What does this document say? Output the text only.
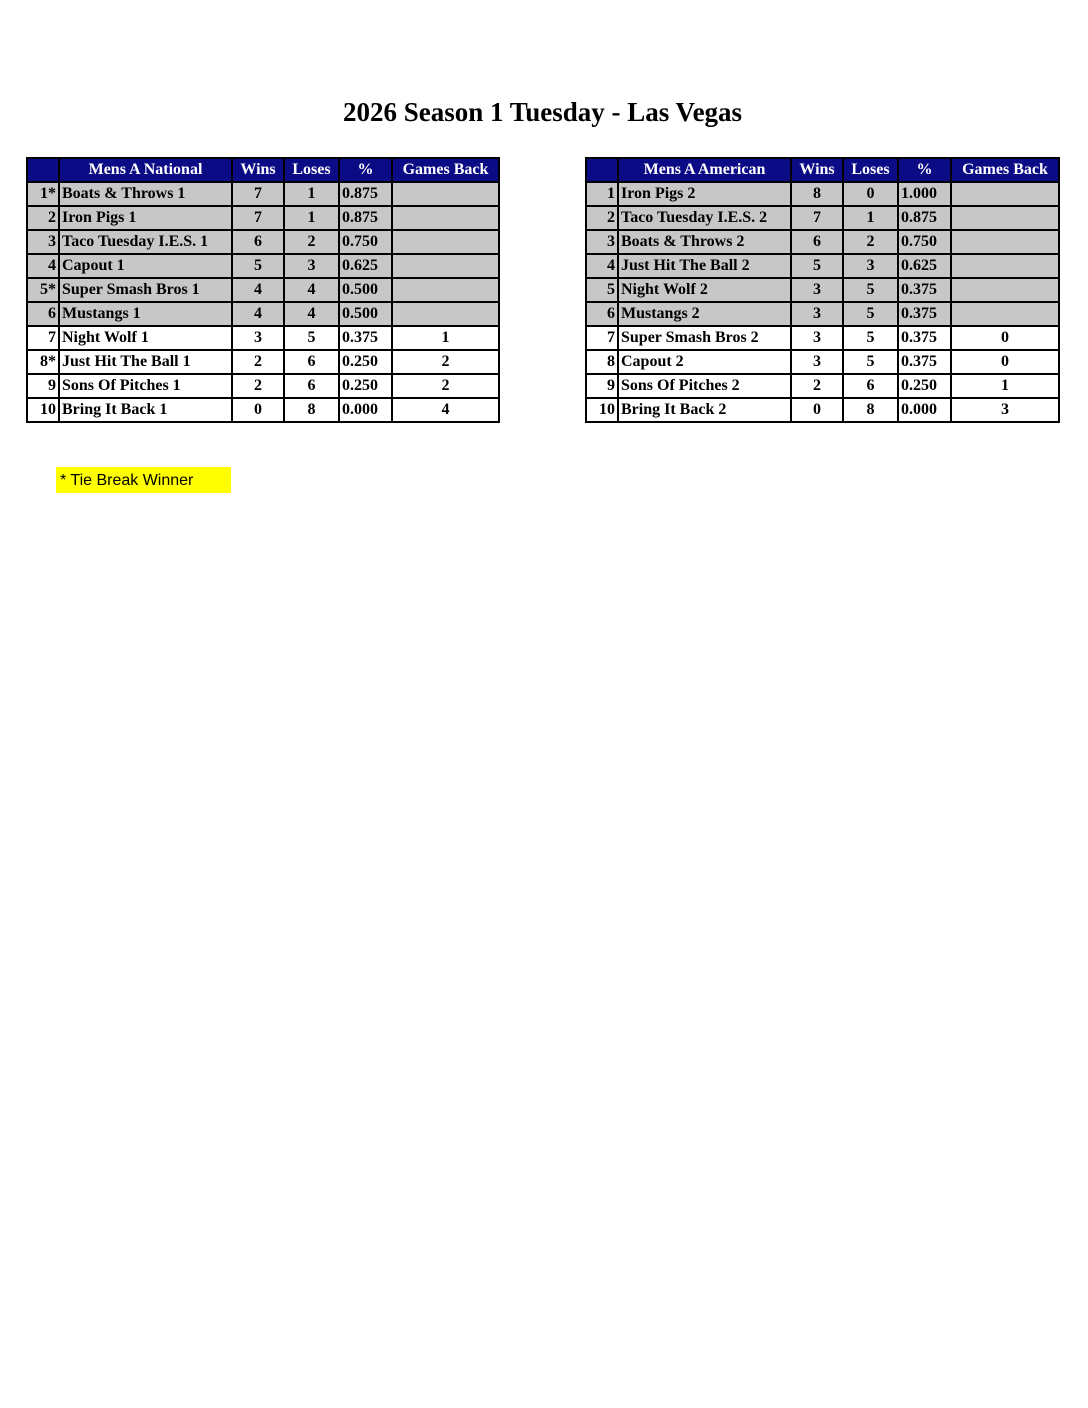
2026 Season 1 Tuesday - Las Vegas
	Mens A National	Wins	Loses	%	Games Back
1*	Boats & Throws 1	7	1	0.875	
2	Iron Pigs 1	7	1	0.875	
3	Taco Tuesday I.E.S. 1	6	2	0.750	
4	Capout 1	5	3	0.625	
5*	Super Smash Bros 1	4	4	0.500	
6	Mustangs 1	4	4	0.500	
7	Night Wolf 1	3	5	0.375	1
8*	Just Hit The Ball 1	2	6	0.250	2
9	Sons Of Pitches 1	2	6	0.250	2
10	Bring It Back 1	0	8	0.000	4
	Mens A American	Wins	Loses	%	Games Back
1	Iron Pigs 2	8	0	1.000	
2	Taco Tuesday I.E.S. 2	7	1	0.875	
3	Boats & Throws 2	6	2	0.750	
4	Just Hit The Ball 2	5	3	0.625	
5	Night Wolf 2	3	5	0.375	
6	Mustangs 2	3	5	0.375	
7	Super Smash Bros 2	3	5	0.375	0
8	Capout 2	3	5	0.375	0
9	Sons Of Pitches 2	2	6	0.250	1
10	Bring It Back 2	0	8	0.000	3
* Tie Break Winner
